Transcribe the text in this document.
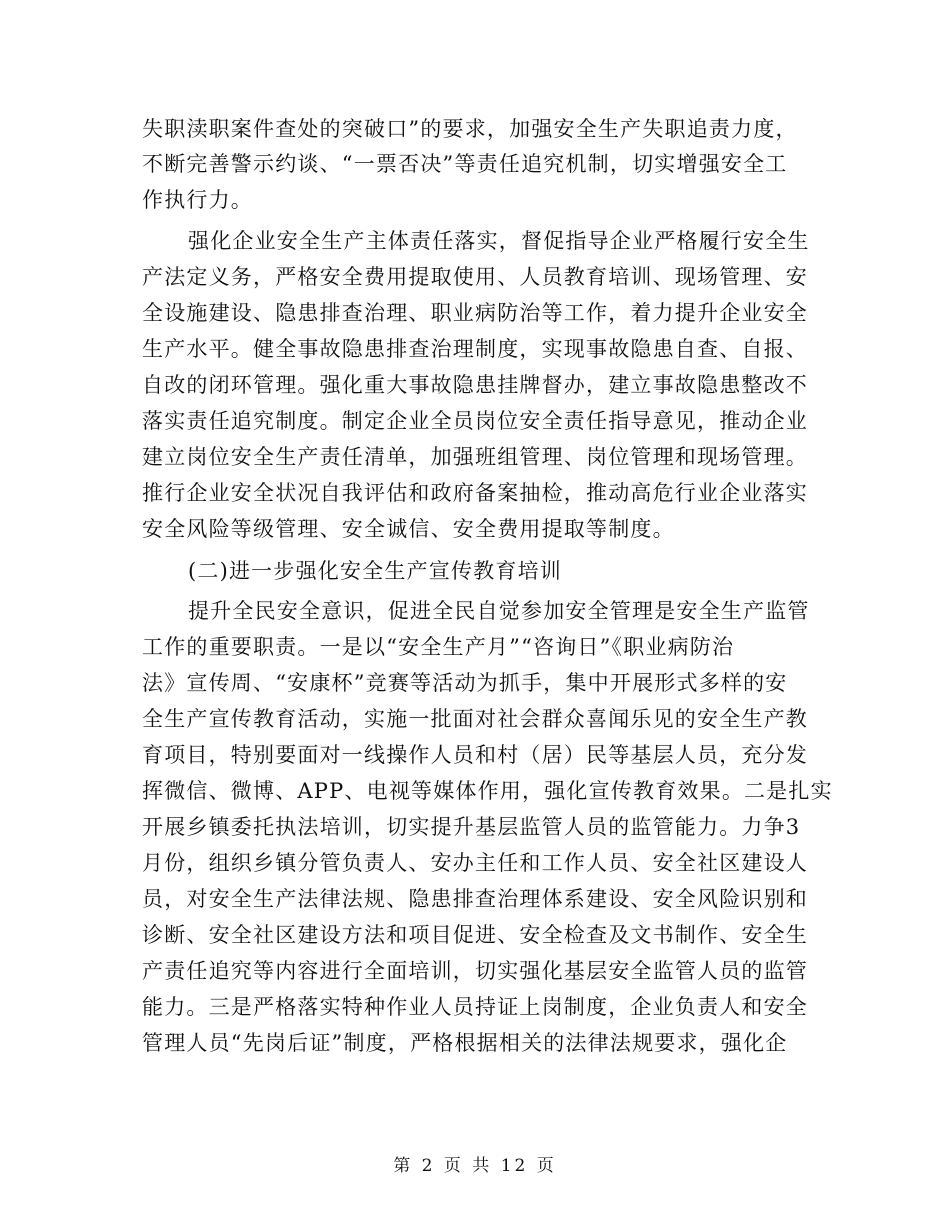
失职渎职案件查处的突破口”的要求，加强安全生产失职追责力度，
不断完善警示约谈、“一票否决”等责任追究机制，切实增强安全工
作执行力。
强化企业安全生产主体责任落实，督促指导企业严格履行安全生
产法定义务，严格安全费用提取使用、人员教育培训、现场管理、安
全设施建设、隐患排查治理、职业病防治等工作，着力提升企业安全
生产水平。健全事故隐患排查治理制度，实现事故隐患自查、自报、
自改的闭环管理。强化重大事故隐患挂牌督办，建立事故隐患整改不
落实责任追究制度。制定企业全员岗位安全责任指导意见，推动企业
建立岗位安全生产责任清单，加强班组管理、岗位管理和现场管理。
推行企业安全状况自我评估和政府备案抽检，推动高危行业企业落实
安全风险等级管理、安全诚信、安全费用提取等制度。
(二)进一步强化安全生产宣传教育培训
提升全民安全意识，促进全民自觉参加安全管理是安全生产监管
工作的重要职责。一是以“安全生产月”“咨询日”《职业病防治
法》宣传周、“安康杯”竞赛等活动为抓手，集中开展形式多样的安
全生产宣传教育活动，实施一批面对社会群众喜闻乐见的安全生产教
育项目，特别要面对一线操作人员和村（居）民等基层人员，充分发
挥微信、微博、APP、电视等媒体作用，强化宣传教育效果。二是扎实
开展乡镇委托执法培训，切实提升基层监管人员的监管能力。力争3
月份，组织乡镇分管负责人、安办主任和工作人员、安全社区建设人
员，对安全生产法律法规、隐患排查治理体系建设、安全风险识别和
诊断、安全社区建设方法和项目促进、安全检查及文书制作、安全生
产责任追究等内容进行全面培训，切实强化基层安全监管人员的监管
能力。三是严格落实特种作业人员持证上岗制度，企业负责人和安全
管理人员“先岗后证”制度，严格根据相关的法律法规要求，强化企
第 2 页 共 12 页
